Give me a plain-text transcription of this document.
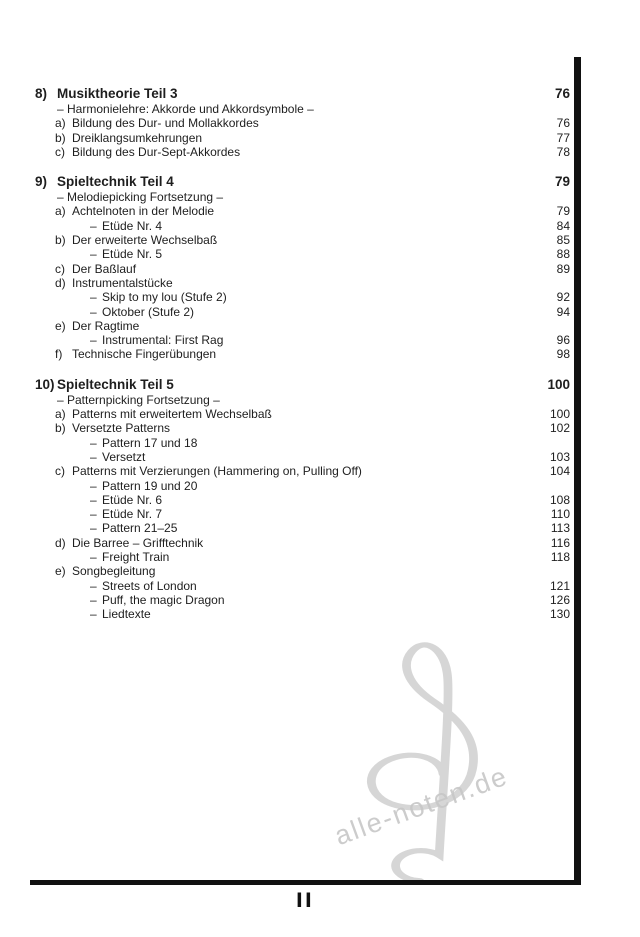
alle-noten.de
8) Musiktheorie Teil 3	76
– Harmonielehre: Akkorde und Akkordsymbole –
a) Bildung des Dur- und Mollakkordes	76
b) Dreiklangsumkehrungen	77
c) Bildung des Dur-Sept-Akkordes	78
9) Spieltechnik Teil 4	79
– Melodiepicking Fortsetzung –
a) Achtelnoten in der Melodie	79
– Etüde Nr. 4	84
b) Der erweiterte Wechselbaß	85
– Etüde Nr. 5	88
c) Der Baßlauf	89
d) Instrumentalstücke
– Skip to my lou (Stufe 2)	92
– Oktober (Stufe 2)	94
e) Der Ragtime
– Instrumental: First Rag	96
f) Technische Fingerübungen	98
10) Spieltechnik Teil 5	100
– Patternpicking Fortsetzung –
a) Patterns mit erweitertem Wechselbaß	100
b) Versetzte Patterns	102
– Pattern 17 und 18
– Versetzt	103
c) Patterns mit Verzierungen (Hammering on, Pulling Off)	104
– Pattern 19 und 20
– Etüde Nr. 6	108
– Etüde Nr. 7	110
– Pattern 21–25	113
d) Die Barree – Grifftechnik	116
– Freight Train	118
e) Songbegleitung
– Streets of London	121
– Puff, the magic Dragon	126
– Liedtexte	130
II
